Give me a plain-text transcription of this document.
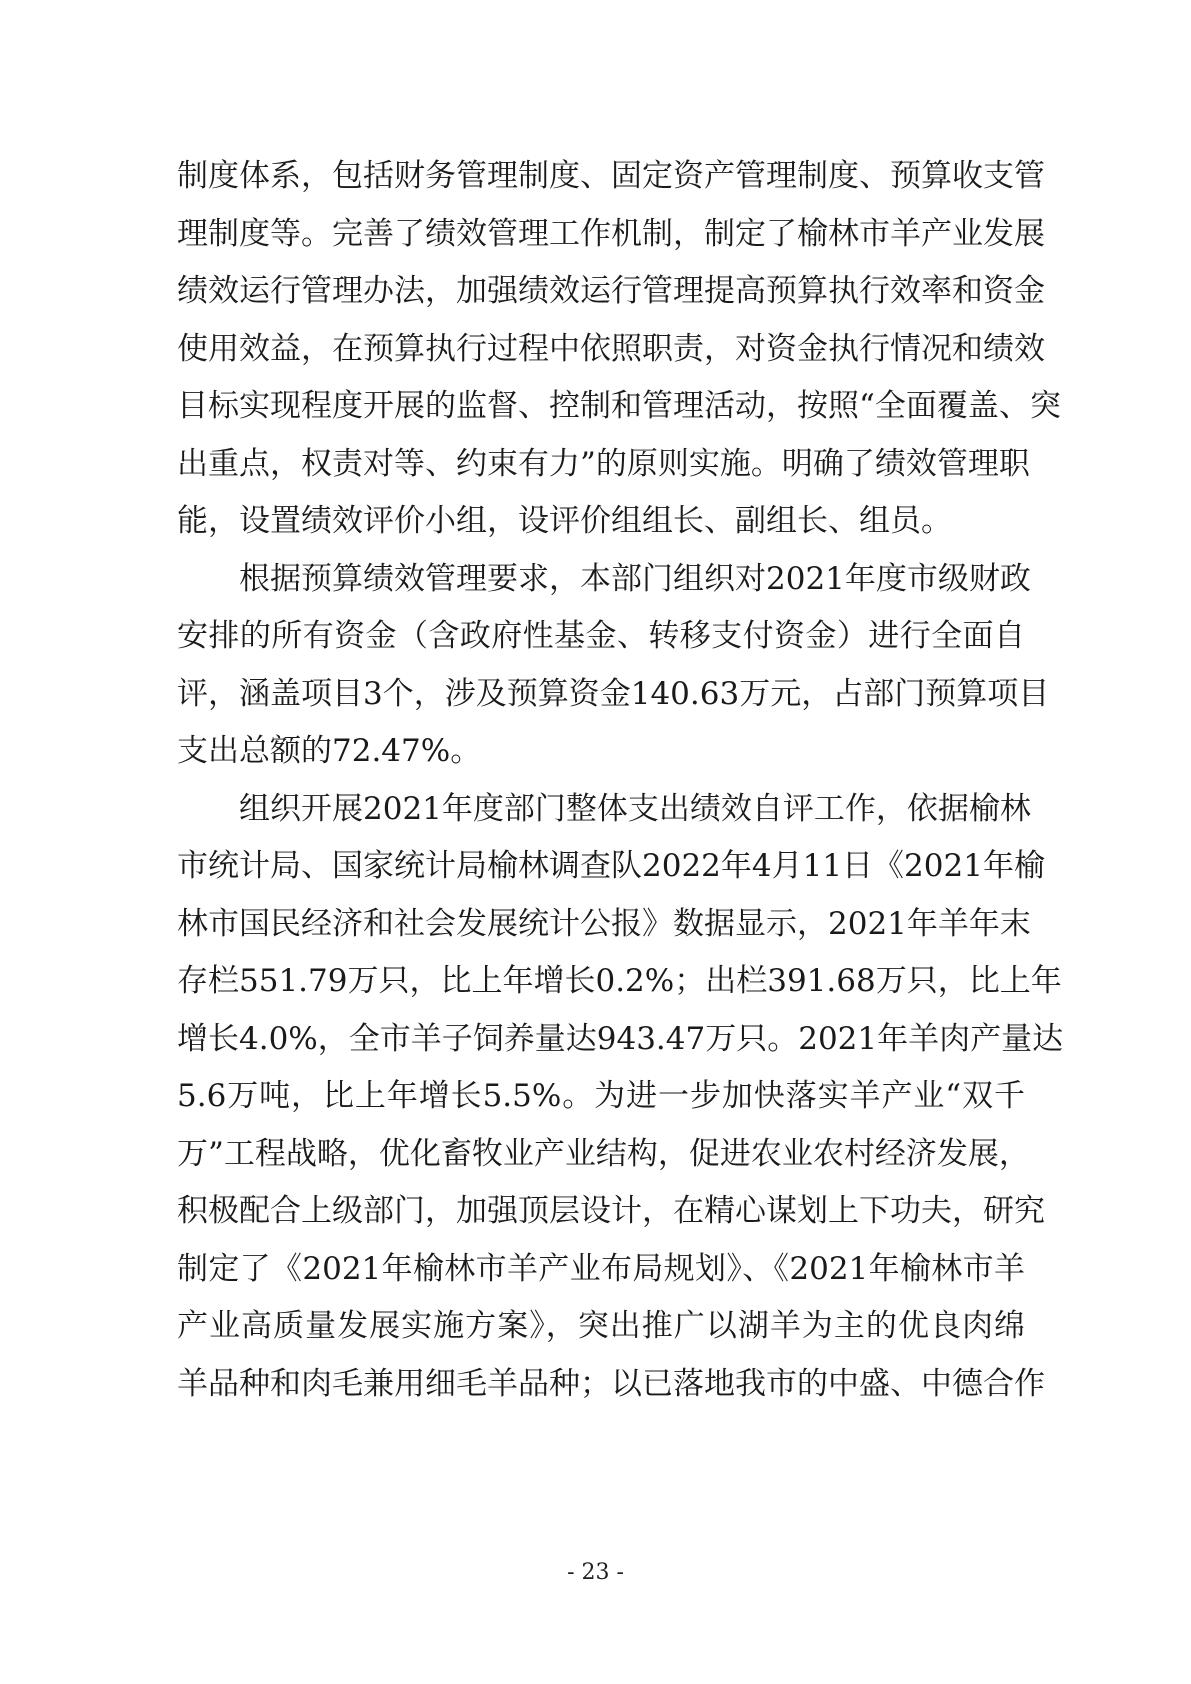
制度体系，包括财务管理制度、固定资产管理制度、预算收支管
理制度等。完善了绩效管理工作机制，制定了榆林市羊产业发展
绩效运行管理办法，加强绩效运行管理提高预算执行效率和资金
使用效益，在预算执行过程中依照职责，对资金执行情况和绩效
目标实现程度开展的监督、控制和管理活动，按照“全面覆盖、突
出重点，权责对等、约束有力”的原则实施。明确了绩效管理职
能，设置绩效评价小组，设评价组组长、副组长、组员。
根据预算绩效管理要求，本部门组织对2021年度市级财政
安排的所有资金（含政府性基金、转移支付资金）进行全面自
评，涵盖项目3个，涉及预算资金140.63万元，占部门预算项目
支出总额的72.47%。
组织开展2021年度部门整体支出绩效自评工作，依据榆林
市统计局、国家统计局榆林调查队2022年4月11日《2021年榆
林市国民经济和社会发展统计公报》数据显示，2021年羊年末
存栏551.79万只，比上年增长0.2%；出栏391.68万只，比上年
增长4.0%，全市羊子饲养量达943.47万只。2021年羊肉产量达
5.6万吨，比上年增长5.5%。为进一步加快落实羊产业“双千
万”工程战略，优化畜牧业产业结构，促进农业农村经济发展，
积极配合上级部门，加强顶层设计，在精心谋划上下功夫，研究
制定了《2021年榆林市羊产业布局规划》、《2021年榆林市羊
产业高质量发展实施方案》，突出推广以湖羊为主的优良肉绵
羊品种和肉毛兼用细毛羊品种；以已落地我市的中盛、中德合作
- 23 -
